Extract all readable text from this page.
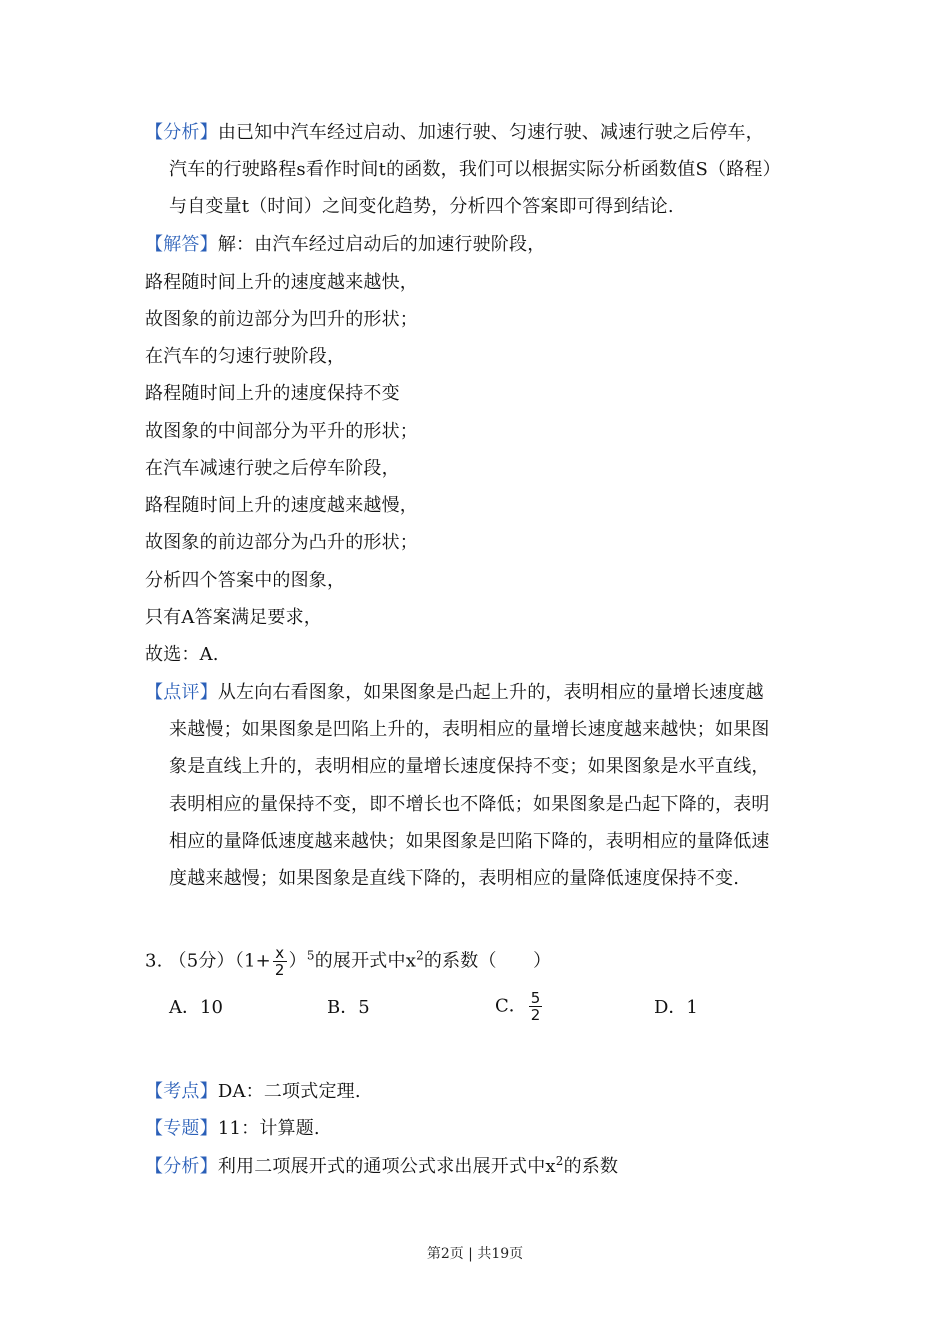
【分析】由已知中汽车经过启动、加速行驶、匀速行驶、减速行驶之后停车，
汽车的行驶路程s看作时间t的函数，我们可以根据实际分析函数值S（路程）
与自变量t（时间）之间变化趋势，分析四个答案即可得到结论.
【解答】解：由汽车经过启动后的加速行驶阶段，
路程随时间上升的速度越来越快，
故图象的前边部分为凹升的形状；
在汽车的匀速行驶阶段，
路程随时间上升的速度保持不变
故图象的中间部分为平升的形状；
在汽车减速行驶之后停车阶段，
路程随时间上升的速度越来越慢，
故图象的前边部分为凸升的形状；
分析四个答案中的图象，
只有A答案满足要求，
故选：A.
【点评】从左向右看图象，如果图象是凸起上升的，表明相应的量增长速度越
来越慢；如果图象是凹陷上升的，表明相应的量增长速度越来越快；如果图
象是直线上升的，表明相应的量增长速度保持不变；如果图象是水平直线，
表明相应的量保持不变，即不增长也不降低；如果图象是凸起下降的，表明
相应的量降低速度越来越快；如果图象是凹陷下降的，表明相应的量降低速
度越来越慢；如果图象是直线下降的，表明相应的量降低速度保持不变.
3. （5分）$(1+ \frac{x}{2} )^5$的展开式中$x^2$的系数（　　）
A．10	B．5	C． $\frac{5}{2}$	D．1
【考点】DA：二项式定理.
【专题】11：计算题.
【分析】利用二项展开式的通项公式求出展开式中$x^2$的系数
第2页 | 共19页
